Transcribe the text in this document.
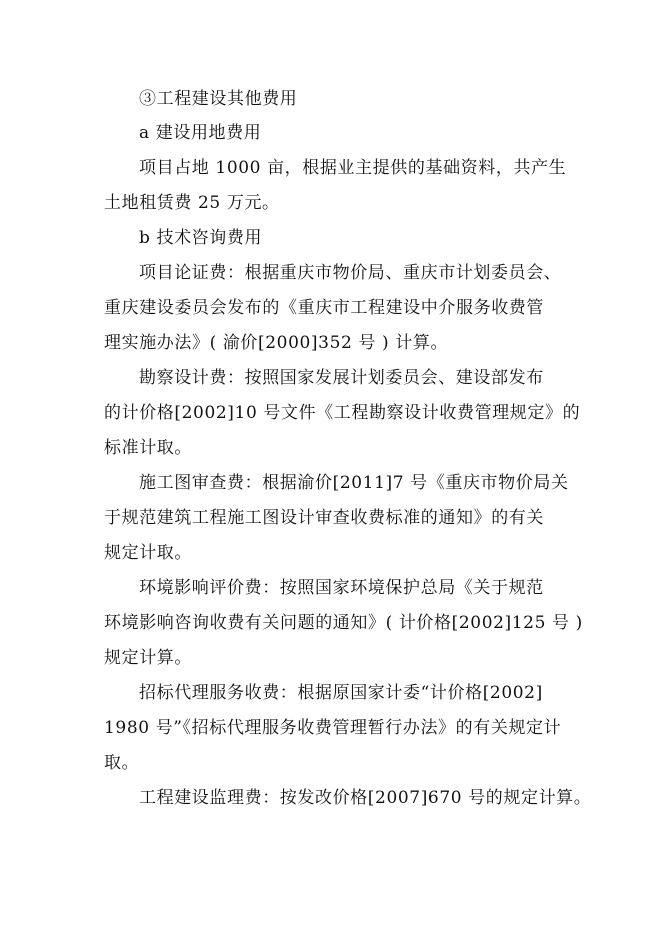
③工程建设其他费用
a 建设用地费用
项目占地 1000 亩，根据业主提供的基础资料，共产生
土地租赁费 25 万元。
b 技术咨询费用
项目论证费：根据重庆市物价局、重庆市计划委员会、
重庆建设委员会发布的《重庆市工程建设中介服务收费管
理实施办法》( 渝价[2000]352 号 ) 计算。
勘察设计费：按照国家发展计划委员会、建设部发布
的计价格[2002]10 号文件《工程勘察设计收费管理规定》的
标准计取。
施工图审查费：根据渝价[2011]7 号《重庆市物价局关
于规范建筑工程施工图设计审查收费标准的通知》的有关
规定计取。
环境影响评价费：按照国家环境保护总局《关于规范
环境影响咨询收费有关问题的通知》( 计价格[2002]125 号 )
规定计算。
招标代理服务收费：根据原国家计委“计价格[2002]
1980 号”《招标代理服务收费管理暂行办法》的有关规定计
取。
工程建设监理费：按发改价格[2007]670 号的规定计算。
